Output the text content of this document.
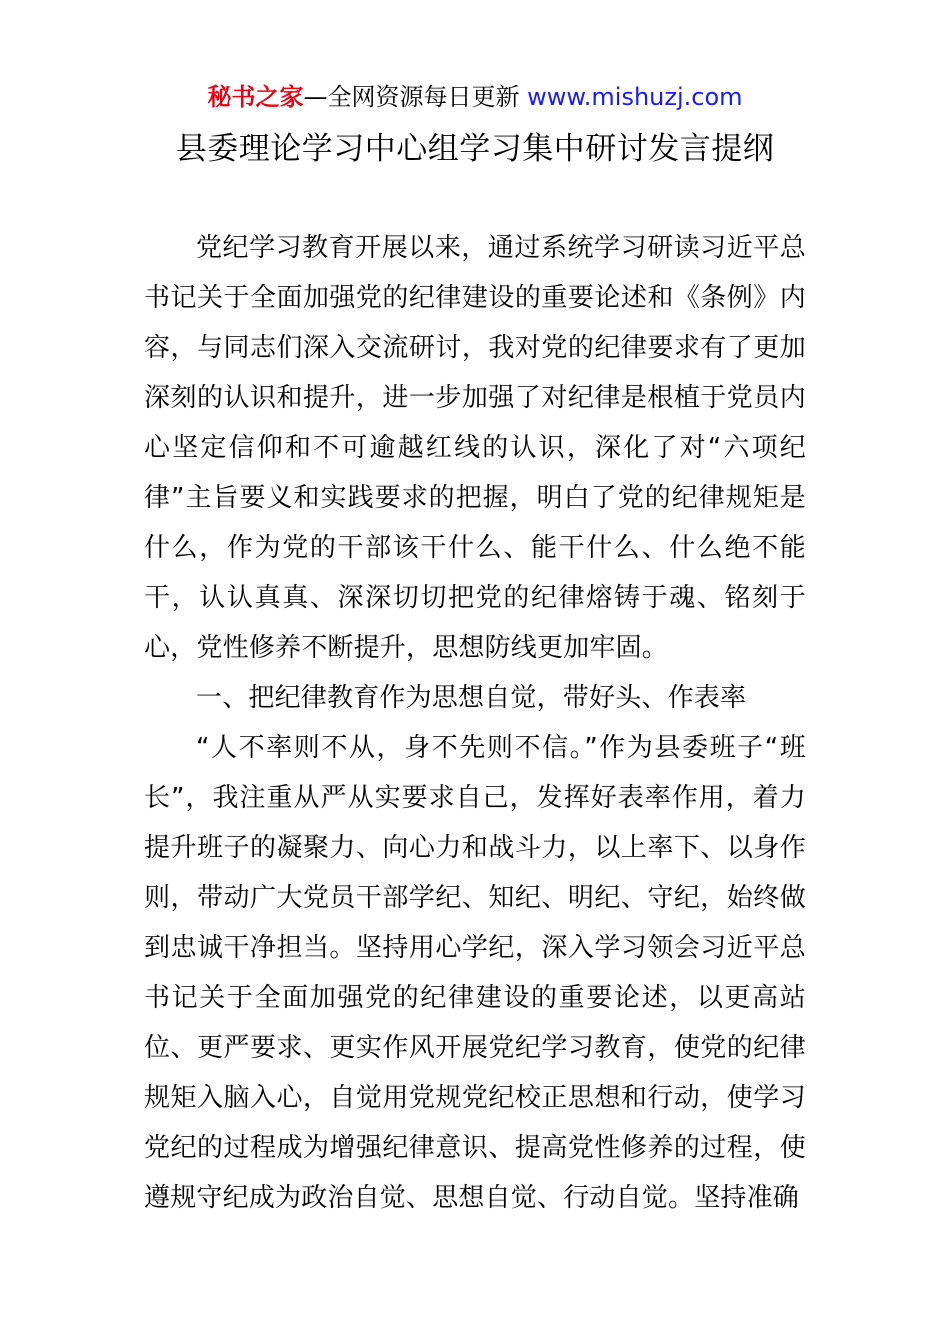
秘书之家—全网资源每日更新 www.mishuzj.com
县委理论学习中心组学习集中研讨发言提纲

党纪学习教育开展以来，通过系统学习研读习近平总书记关于全面加强党的纪律建设的重要论述和《条例》内容，与同志们深入交流研讨，我对党的纪律要求有了更加深刻的认识和提升，进一步加强了对纪律是根植于党员内心坚定信仰和不可逾越红线的认识，深化了对“六项纪律”主旨要义和实践要求的把握，明白了党的纪律规矩是什么，作为党的干部该干什么、能干什么、什么绝不能干，认认真真、深深切切把党的纪律熔铸于魂、铭刻于心，党性修养不断提升，思想防线更加牢固。

一、把纪律教育作为思想自觉，带好头、作表率

“人不率则不从，身不先则不信。”作为县委班子“班长”，我注重从严从实要求自己，发挥好表率作用，着力提升班子的凝聚力、向心力和战斗力，以上率下、以身作则，带动广大党员干部学纪、知纪、明纪、守纪，始终做到忠诚干净担当。坚持用心学纪，深入学习领会习近平总书记关于全面加强党的纪律建设的重要论述，以更高站位、更严要求、更实作风开展党纪学习教育，使党的纪律规矩入脑入心，自觉用党规党纪校正思想和行动，使学习党纪的过程成为增强纪律意识、提高党性修养的过程，使遵规守纪成为政治自觉、思想自觉、行动自觉。坚持准确
